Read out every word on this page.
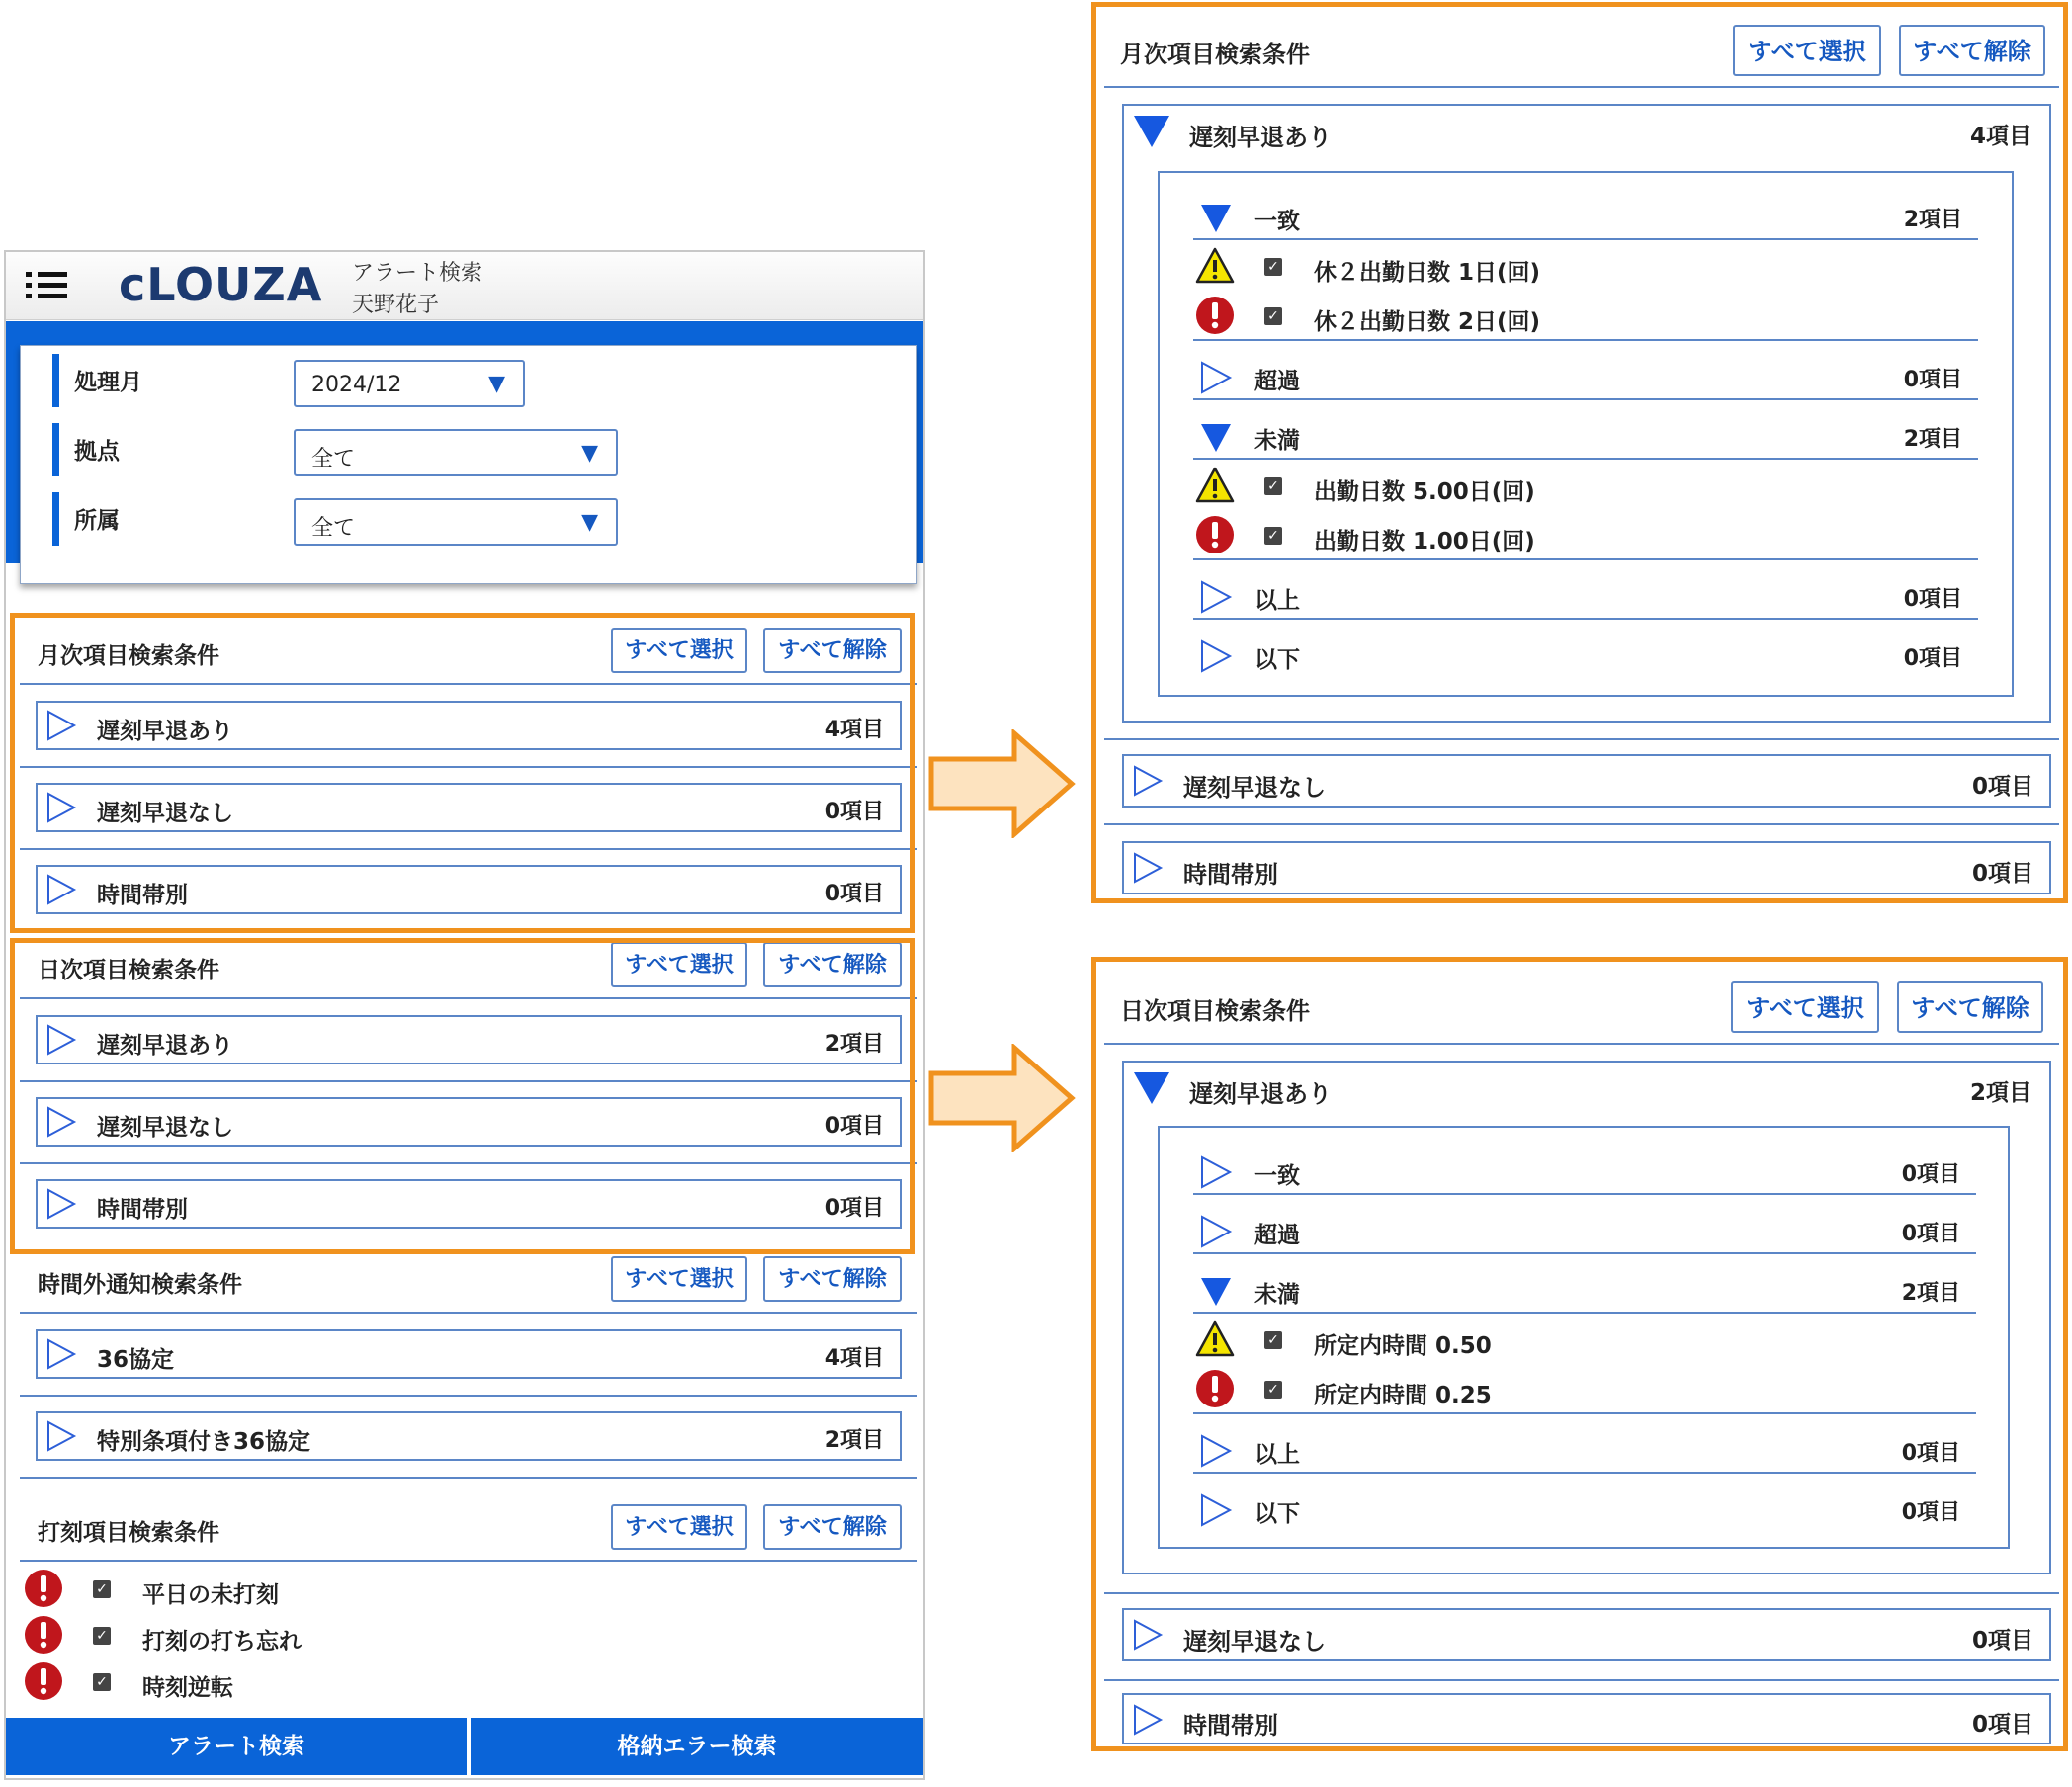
cLOUZA アラート検索
天野花子
処理月	2024/12	▼
拠点	全て	▼
所属	全て	▼
月次項目検索条件	すべて選択	すべて解除
遅刻早退あり	4項目
遅刻早退なし	0項目
時間帯別	0項目
日次項目検索条件	すべて選択	すべて解除
遅刻早退あり	2項目
遅刻早退なし	0項目
時間帯別	0項目
時間外通知検索条件	すべて選択	すべて解除
36協定	4項目
特別条項付き36協定	2項目
打刻項目検索条件	すべて選択	すべて解除
✓ 平日の未打刻
✓ 打刻の打ち忘れ
✓ 時刻逆転
アラート検索	格納エラー検索
月次項目検索条件	すべて選択	すべて解除
遅刻早退あり	4項目
一致	2項目
✓ 休２出勤日数 1日(回)
✓ 休２出勤日数 2日(回)
超過	0項目
未満	2項目
✓ 出勤日数 5.00日(回)
✓ 出勤日数 1.00日(回)
以上	0項目
以下	0項目
遅刻早退なし	0項目
時間帯別	0項目
日次項目検索条件	すべて選択	すべて解除
遅刻早退あり	2項目
一致	0項目
超過	0項目
未満	2項目
✓ 所定内時間 0.50
✓ 所定内時間 0.25
以上	0項目
以下	0項目
遅刻早退なし	0項目
時間帯別	0項目
